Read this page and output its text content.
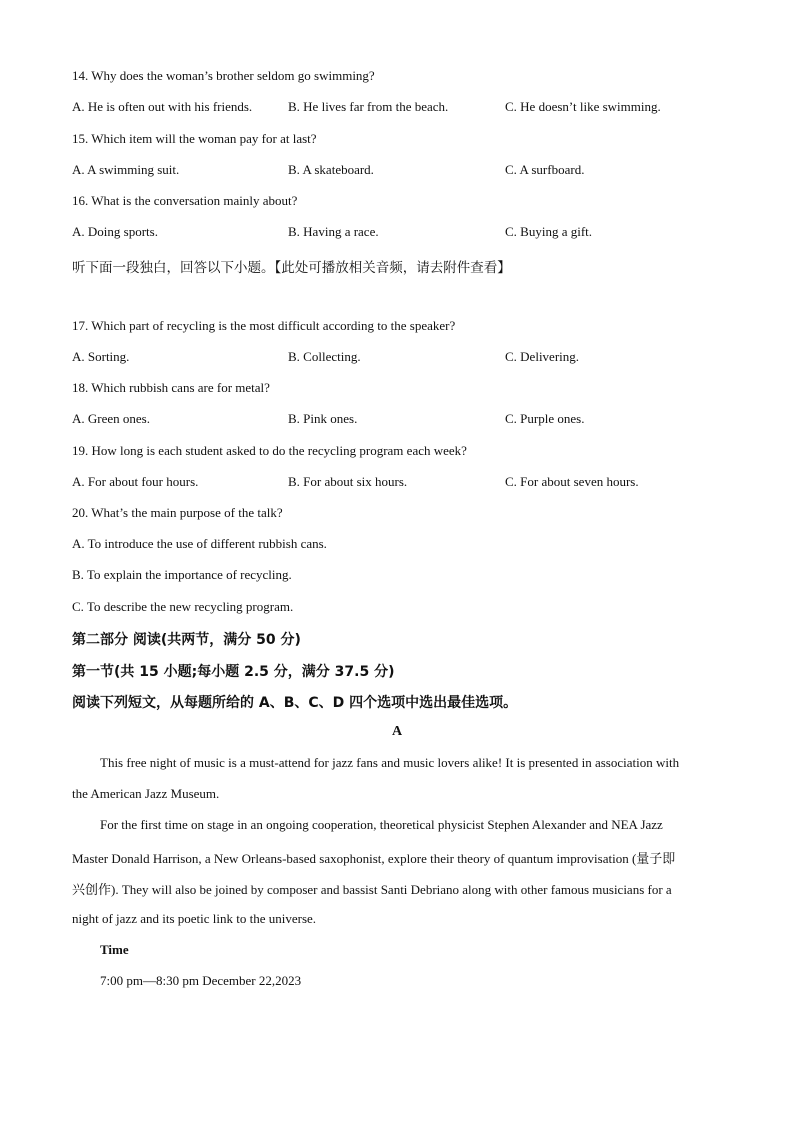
14. Why does the woman’s brother seldom go swimming?
A. He is often out with his friends.	B. He lives far from the beach.	C. He doesn’t like swimming.
15. Which item will the woman pay for at last?
A. A swimming suit.	B. A skateboard.	C. A surfboard.
16. What is the conversation mainly about?
A. Doing sports.	B. Having a race.	C. Buying a gift.
听下面一段独白，回答以下小题。【此处可播放相关音频，请去附件查看】
17. Which part of recycling is the most difficult according to the speaker?
A. Sorting.	B. Collecting.	C. Delivering.
18. Which rubbish cans are for metal?
A. Green ones.	B. Pink ones.	C. Purple ones.
19. How long is each student asked to do the recycling program each week?
A. For about four hours.	B. For about six hours.	C. For about seven hours.
20. What’s the main purpose of the talk?
A. To introduce the use of different rubbish cans.
B. To explain the importance of recycling.
C. To describe the new recycling program.
第二部分 阅读(共两节，满分 50 分)
第一节(共 15 小题;每小题 2.5 分，满分 37.5 分)
阅读下列短文，从每题所给的 A、B、C、D 四个选项中选出最佳选项。
A
This free night of music is a must-attend for jazz fans and music lovers alike! It is presented in association with
the American Jazz Museum.
For the first time on stage in an ongoing cooperation, theoretical physicist Stephen Alexander and NEA Jazz
Master Donald Harrison, a New Orleans-based saxophonist, explore their theory of quantum improvisation (量子即
兴创作). They will also be joined by composer and bassist Santi Debriano along with other famous musicians for a
night of jazz and its poetic link to the universe.
Time
7:00 pm—8:30 pm December 22,2023
